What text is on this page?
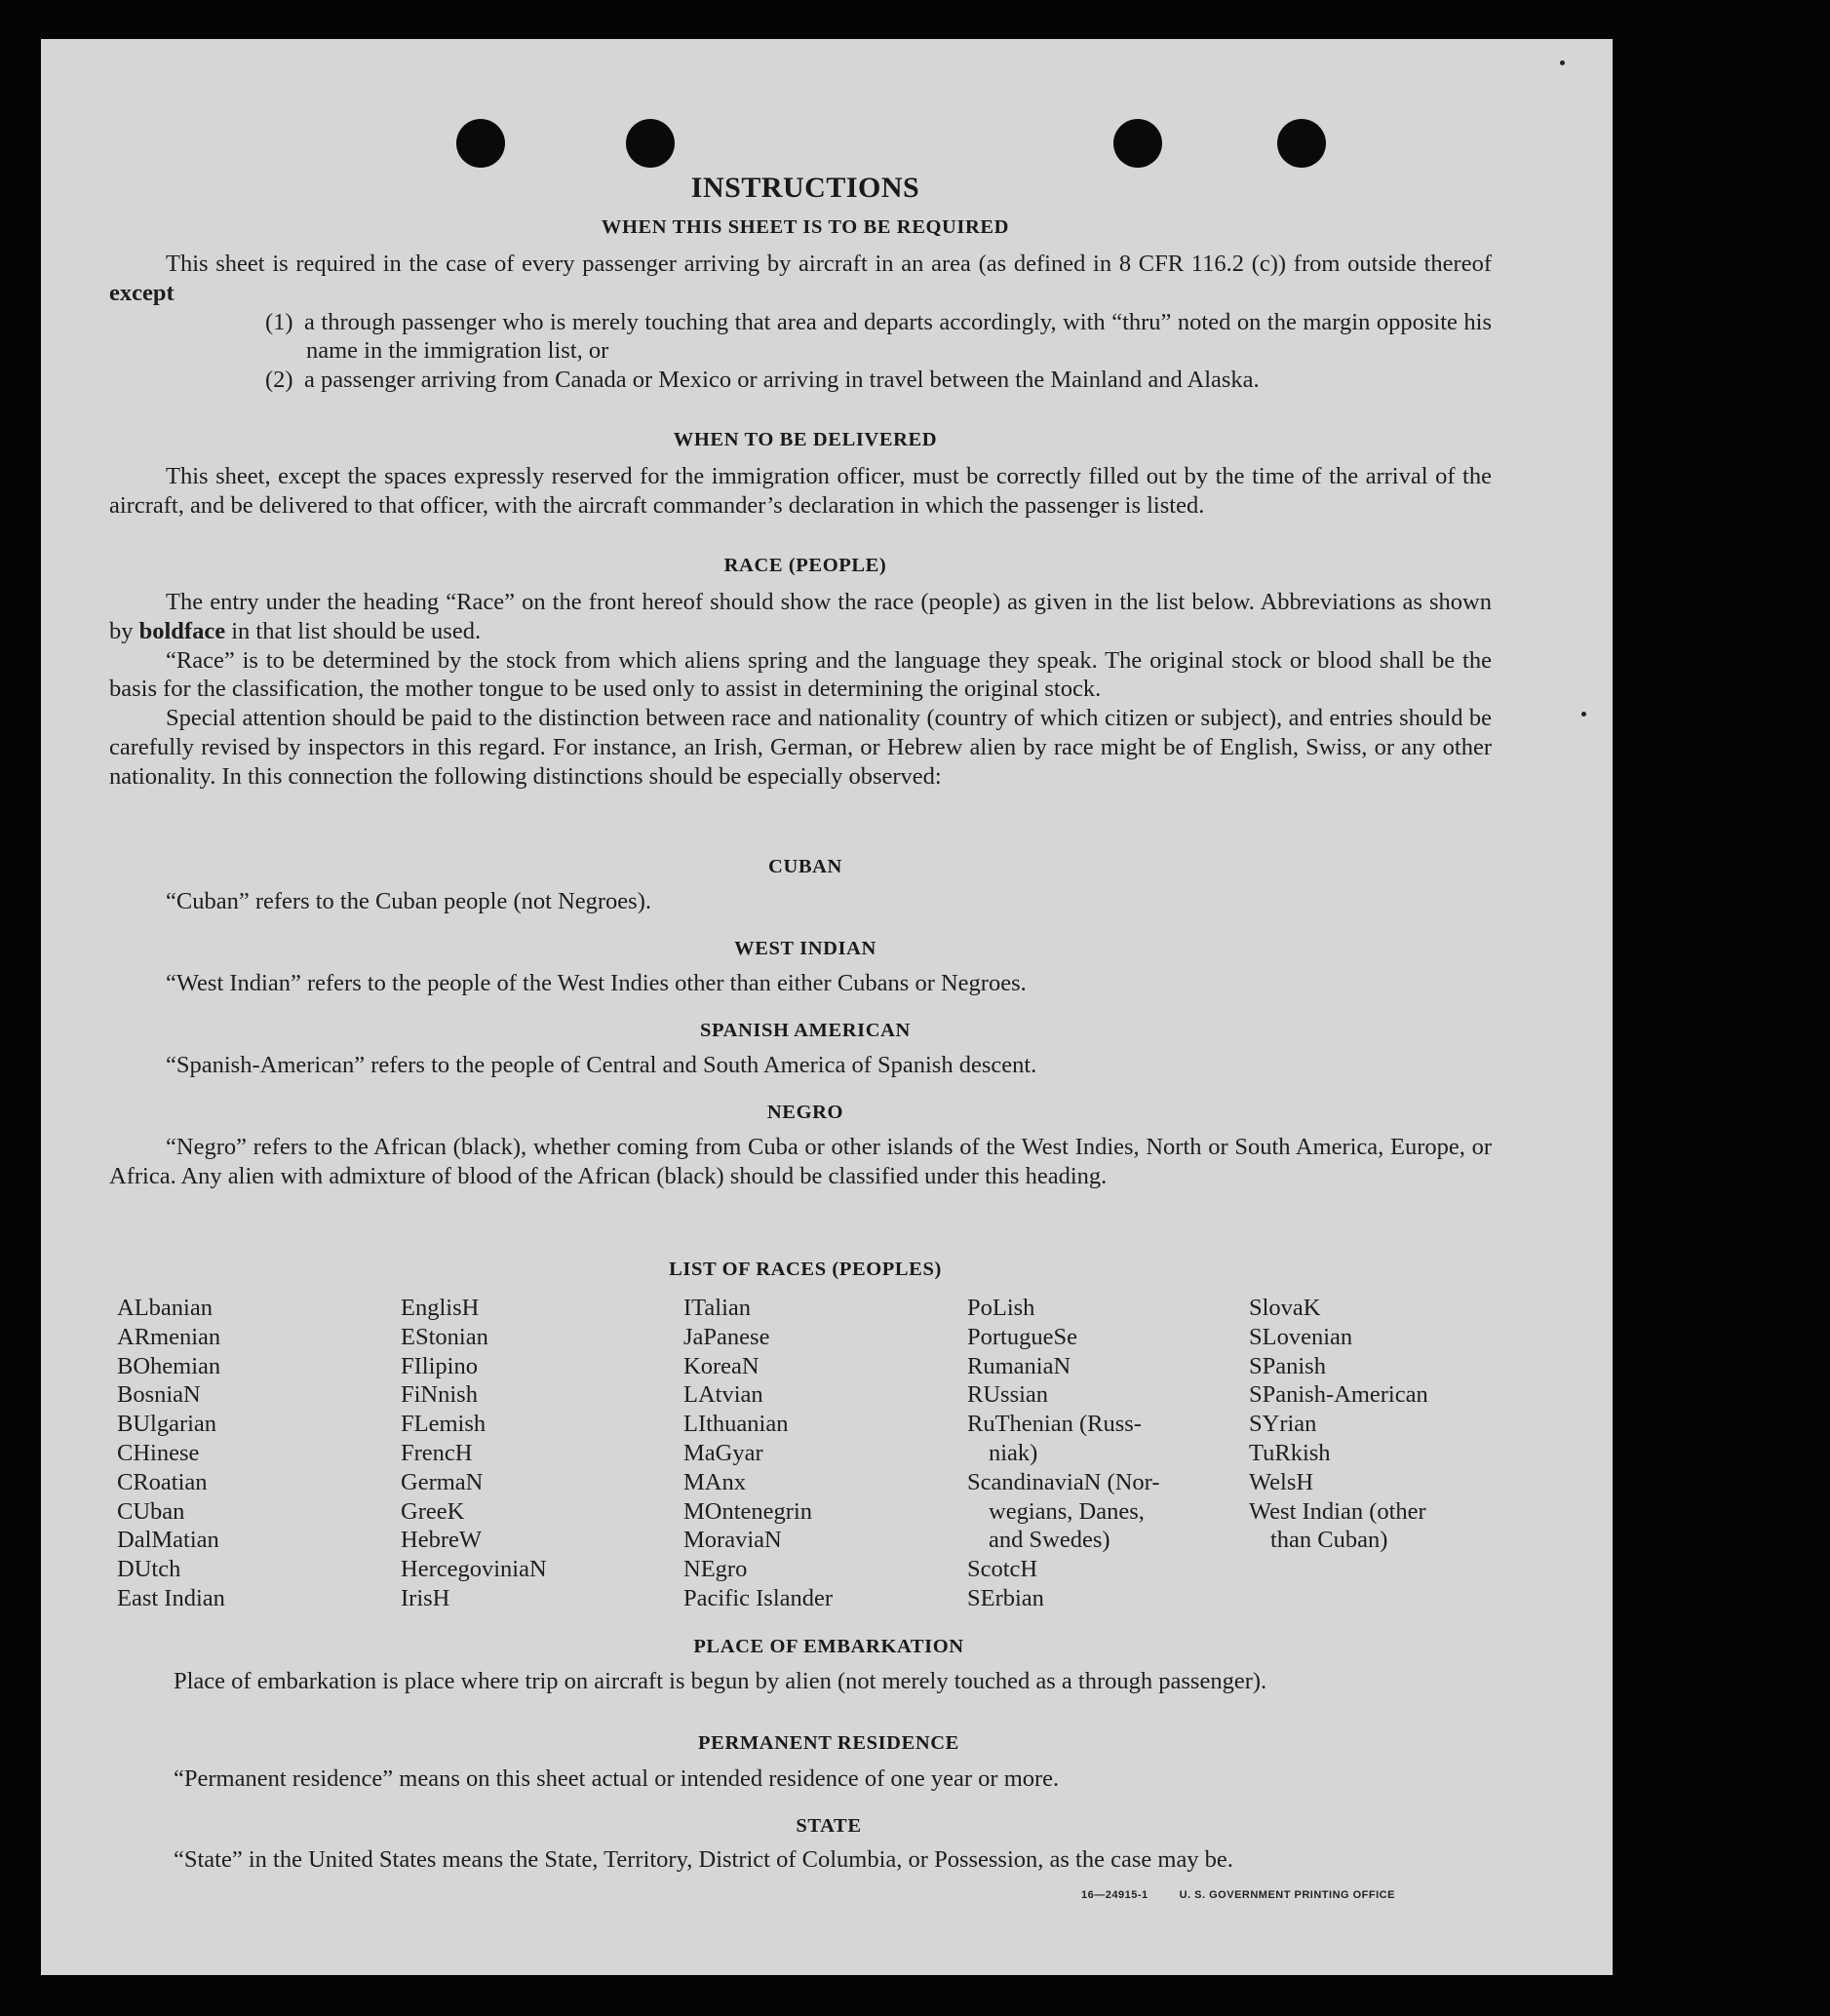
INSTRUCTIONS
WHEN THIS SHEET IS TO BE REQUIRED

This sheet is required in the case of every passenger arriving by aircraft in an area (as defined in 8 CFR 116.2 (c)) from outside thereof except

(1) a through passenger who is merely touching that area and departs accordingly, with “thru” noted on the margin opposite his name in the immigration list, or

(2) a passenger arriving from Canada or Mexico or arriving in travel between the Mainland and Alaska.

WHEN TO BE DELIVERED

This sheet, except the spaces expressly reserved for the immigration officer, must be correctly filled out by the time of the arrival of the aircraft, and be delivered to that officer, with the aircraft commander’s declaration in which the passenger is listed.

RACE (PEOPLE)

The entry under the heading “Race” on the front hereof should show the race (people) as given in the list below. Abbreviations as shown by boldface in that list should be used.

“Race” is to be determined by the stock from which aliens spring and the language they speak. The original stock or blood shall be the basis for the classification, the mother tongue to be used only to assist in determining the original stock.

Special attention should be paid to the distinction between race and nationality (country of which citizen or subject), and entries should be carefully revised by inspectors in this regard. For instance, an Irish, German, or Hebrew alien by race might be of English, Swiss, or any other nationality. In this connection the following distinctions should be especially observed:

CUBAN

“Cuban” refers to the Cuban people (not Negroes).

WEST INDIAN

“West Indian” refers to the people of the West Indies other than either Cubans or Negroes.

SPANISH AMERICAN

“Spanish-American” refers to the people of Central and South America of Spanish descent.

NEGRO

“Negro” refers to the African (black), whether coming from Cuba or other islands of the West Indies, North or South America, Europe, or Africa. Any alien with admixture of blood of the African (black) should be classified under this heading.

LIST OF RACES (PEOPLES)
ALbanian
ARmenian
BOhemian
BosniaN
BUlgarian
CHinese
CRoatian
CUban
DalMatian
DUtch
East Indian
EnglisH
EStonian
FIlipino
FiNnish
FLemish
FrencH
GermaN
GreeK
HebreW
HercegoviniaN
IrisH
ITalian
JaPanese
KoreaN
LAtvian
LIthuanian
MaGyar
MAnx
MOntenegrin
MoraviaN
NEgro
Pacific Islander
PoLish
PortugueSe
RumaniaN
RUssian
RuThenian (Russ-
niak)
ScandinaviaN (Nor-
wegians, Danes,
and Swedes)
ScotcH
SErbian
SlovaK
SLovenian
SPanish
SPanish-American
SYrian
TuRkish
WelsH
West Indian (other
than Cuban)
PLACE OF EMBARKATION

Place of embarkation is place where trip on aircraft is begun by alien (not merely touched as a through passenger).

PERMANENT RESIDENCE

“Permanent residence” means on this sheet actual or intended residence of one year or more.

STATE

“State” in the United States means the State, Territory, District of Columbia, or Possession, as the case may be.

16—24915-1	U. S. GOVERNMENT PRINTING OFFICE
